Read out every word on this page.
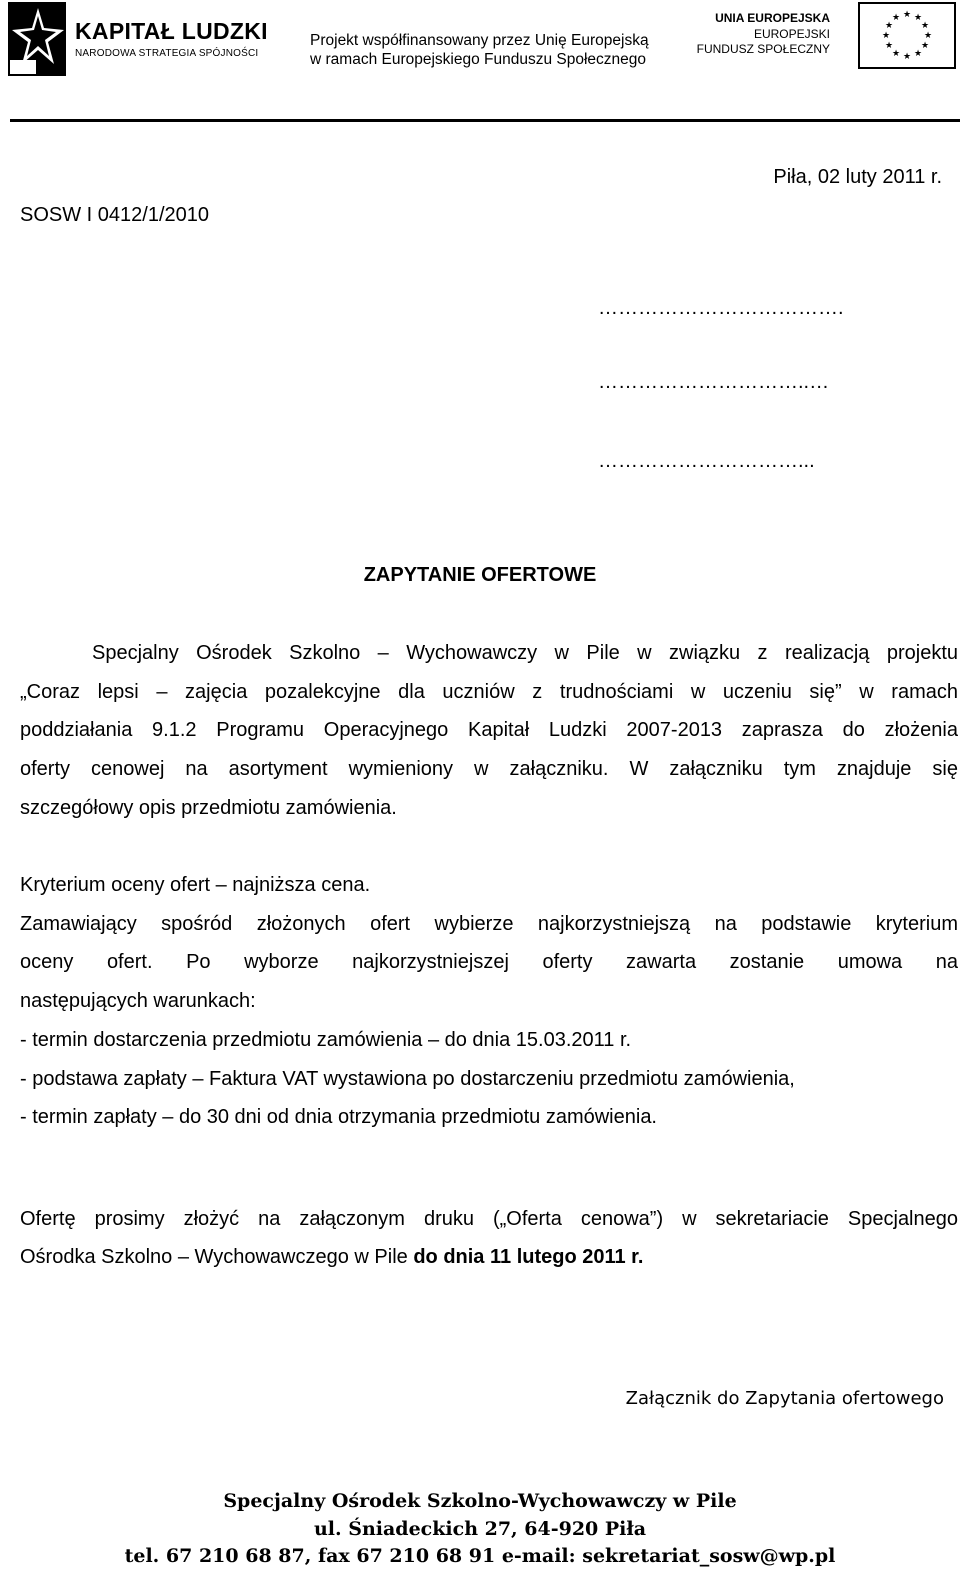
KAPITAŁ LUDZKI
NARODOWA STRATEGIA SPÓJNOŚCI
Projekt współfinansowany przez Unię Europejską
w ramach Europejskiego Funduszu Społecznego
UNIA EUROPEJSKA
EUROPEJSKI
FUNDUSZ SPOŁECZNY
★ ★
★
★
★
★
★
★
★
★
★
★
Piła, 02 luty 2011 r.
SOSW I 0412/1/2010
……………………………….
…………………………..…
…………………………...
ZAPYTANIE OFERTOWE
Specjalny Ośrodek Szkolno – Wychowawczy w Pile w związku z realizacją projektu
„Coraz lepsi – zajęcia pozalekcyjne dla uczniów z trudnościami w uczeniu się” w ramach
poddziałania 9.1.2 Programu Operacyjnego Kapitał Ludzki 2007-2013 zaprasza do złożenia
oferty cenowej na asortyment wymieniony w załączniku. W załączniku tym znajduje się
szczegółowy opis przedmiotu zamówienia.
Kryterium oceny ofert – najniższa cena.
Zamawiający spośród złożonych ofert wybierze najkorzystniejszą na podstawie kryterium
oceny ofert. Po wyborze najkorzystniejszej oferty zawarta zostanie umowa na
następujących warunkach:
- termin dostarczenia przedmiotu zamówienia – do dnia 15.03.2011 r.
- podstawa zapłaty – Faktura VAT wystawiona po dostarczeniu przedmiotu zamówienia,
- termin zapłaty – do 30 dni od dnia otrzymania przedmiotu zamówienia.
Ofertę prosimy złożyć na załączonym druku („Oferta cenowa”) w sekretariacie Specjalnego
Ośrodka Szkolno – Wychowawczego w Pile do dnia 11 lutego 2011 r.
Załącznik do Zapytania ofertowego
Specjalny Ośrodek Szkolno-Wychowawczy w Pile
ul. Śniadeckich 27, 64-920 Piła
tel. 67 210 68 87, fax 67 210 68 91 e-mail: sekretariat_sosw@wp.pl
